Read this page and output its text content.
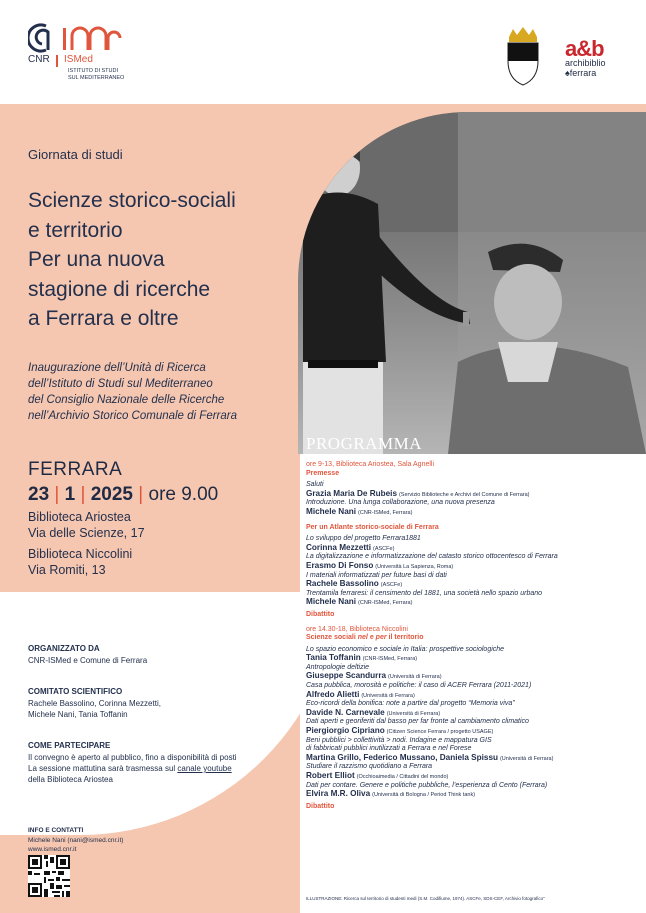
CNR ISMed
ISTITUTO DI STUDI
SUL MEDITERRANEO
a&b
archibiblio
♠ferrara
Giornata di studi
Scienze storico-sociali
e territorio
Per una nuova
stagione di ricerche
a Ferrara e oltre
Inaugurazione dell’Unità di Ricerca
dell’Istituto di Studi sul Mediterraneo
del Consiglio Nazionale delle Ricerche
nell’Archivio Storico Comunale di Ferrara
FERRARA
23 | 1 | 2025 | ore 9.00
Biblioteca Ariostea
Via delle Scienze, 17
Biblioteca Niccolini
Via Romiti, 13
ORGANIZZATO DA
CNR-ISMed e Comune di Ferrara
COMITATO SCIENTIFICO
Rachele Bassolino, Corinna Mezzetti,
Michele Nani, Tania Toffanin
COME PARTECIPARE
Il convegno è aperto al pubblico, fino a disponibilità di posti
La sessione mattutina sarà trasmessa sul canale youtube
della Biblioteca Ariostea
INFO E CONTATTI
Michele Nani (nani@ismed.cnr.it)
www.ismed.cnr.it
PROGRAMMA
ore 9-13, Biblioteca Ariostea, Sala Agnelli
Premesse
Saluti
Grazia Maria De Rubeis (Servizio Biblioteche e Archivi del Comune di Ferrara)
Introduzione. Una lunga collaborazione, una nuova presenza
Michele Nani (CNR-ISMed, Ferrara)
Per un Atlante storico-sociale di Ferrara
Lo sviluppo del progetto Ferrara1881
Corinna Mezzetti (ASCFe)
La digitalizzazione e informatizzazione del catasto storico ottocentesco di Ferrara
Erasmo Di Fonso (Università La Sapienza, Roma)
I materiali informatizzati per future basi di dati
Rachele Bassolino (ASCFe)
Trentamila ferraresi: il censimento del 1881, una società nello spazio urbano
Michele Nani (CNR-ISMed, Ferrara)
Dibattito
ore 14.30-18, Biblioteca Niccolini
Scienze sociali nel e per il territorio
Lo spazio economico e sociale in Italia: prospettive sociologiche
Tania Toffanin (CNR-ISMed, Ferrara)
Antropologie deltizie
Giuseppe Scandurra (Università di Ferrara)
Casa pubblica, morosità e politiche: il caso di ACER Ferrara (2011-2021)
Alfredo Alietti (Università di Ferrara)
Eco-ricordi della bonifica: note a partire dal progetto “Memoria viva”
Davide N. Carnevale (Università di Ferrara)
Dati aperti e georiferiti dal basso per far fronte al cambiamento climatico
Piergiorgio Cipriano (Citizen Science Ferrara / progetto USAGE)
Beni pubblici > collettività > nodi. Indagine e mappatura GIS
di fabbricati pubblici inutilizzati a Ferrara e nel Forese
Martina Grillo, Federico Mussano, Daniela Spissu (Università di Ferrara)
Studiare il razzismo quotidiano a Ferrara
Robert Elliot (Occhioaimedia / Cittadini del mondo)
Dati per contare. Genere e politiche pubbliche, l’esperienza di Cento (Ferrara)
Elvira M.R. Oliva (Università di Bologna / Period Think tank)
Dibattito
ILLUSTRAZIONE: Ricerca sul territorio di studenti medi (S.M. Codifiume, 1974). ASCFe, SDS-CEF, Archivio fotografico”
